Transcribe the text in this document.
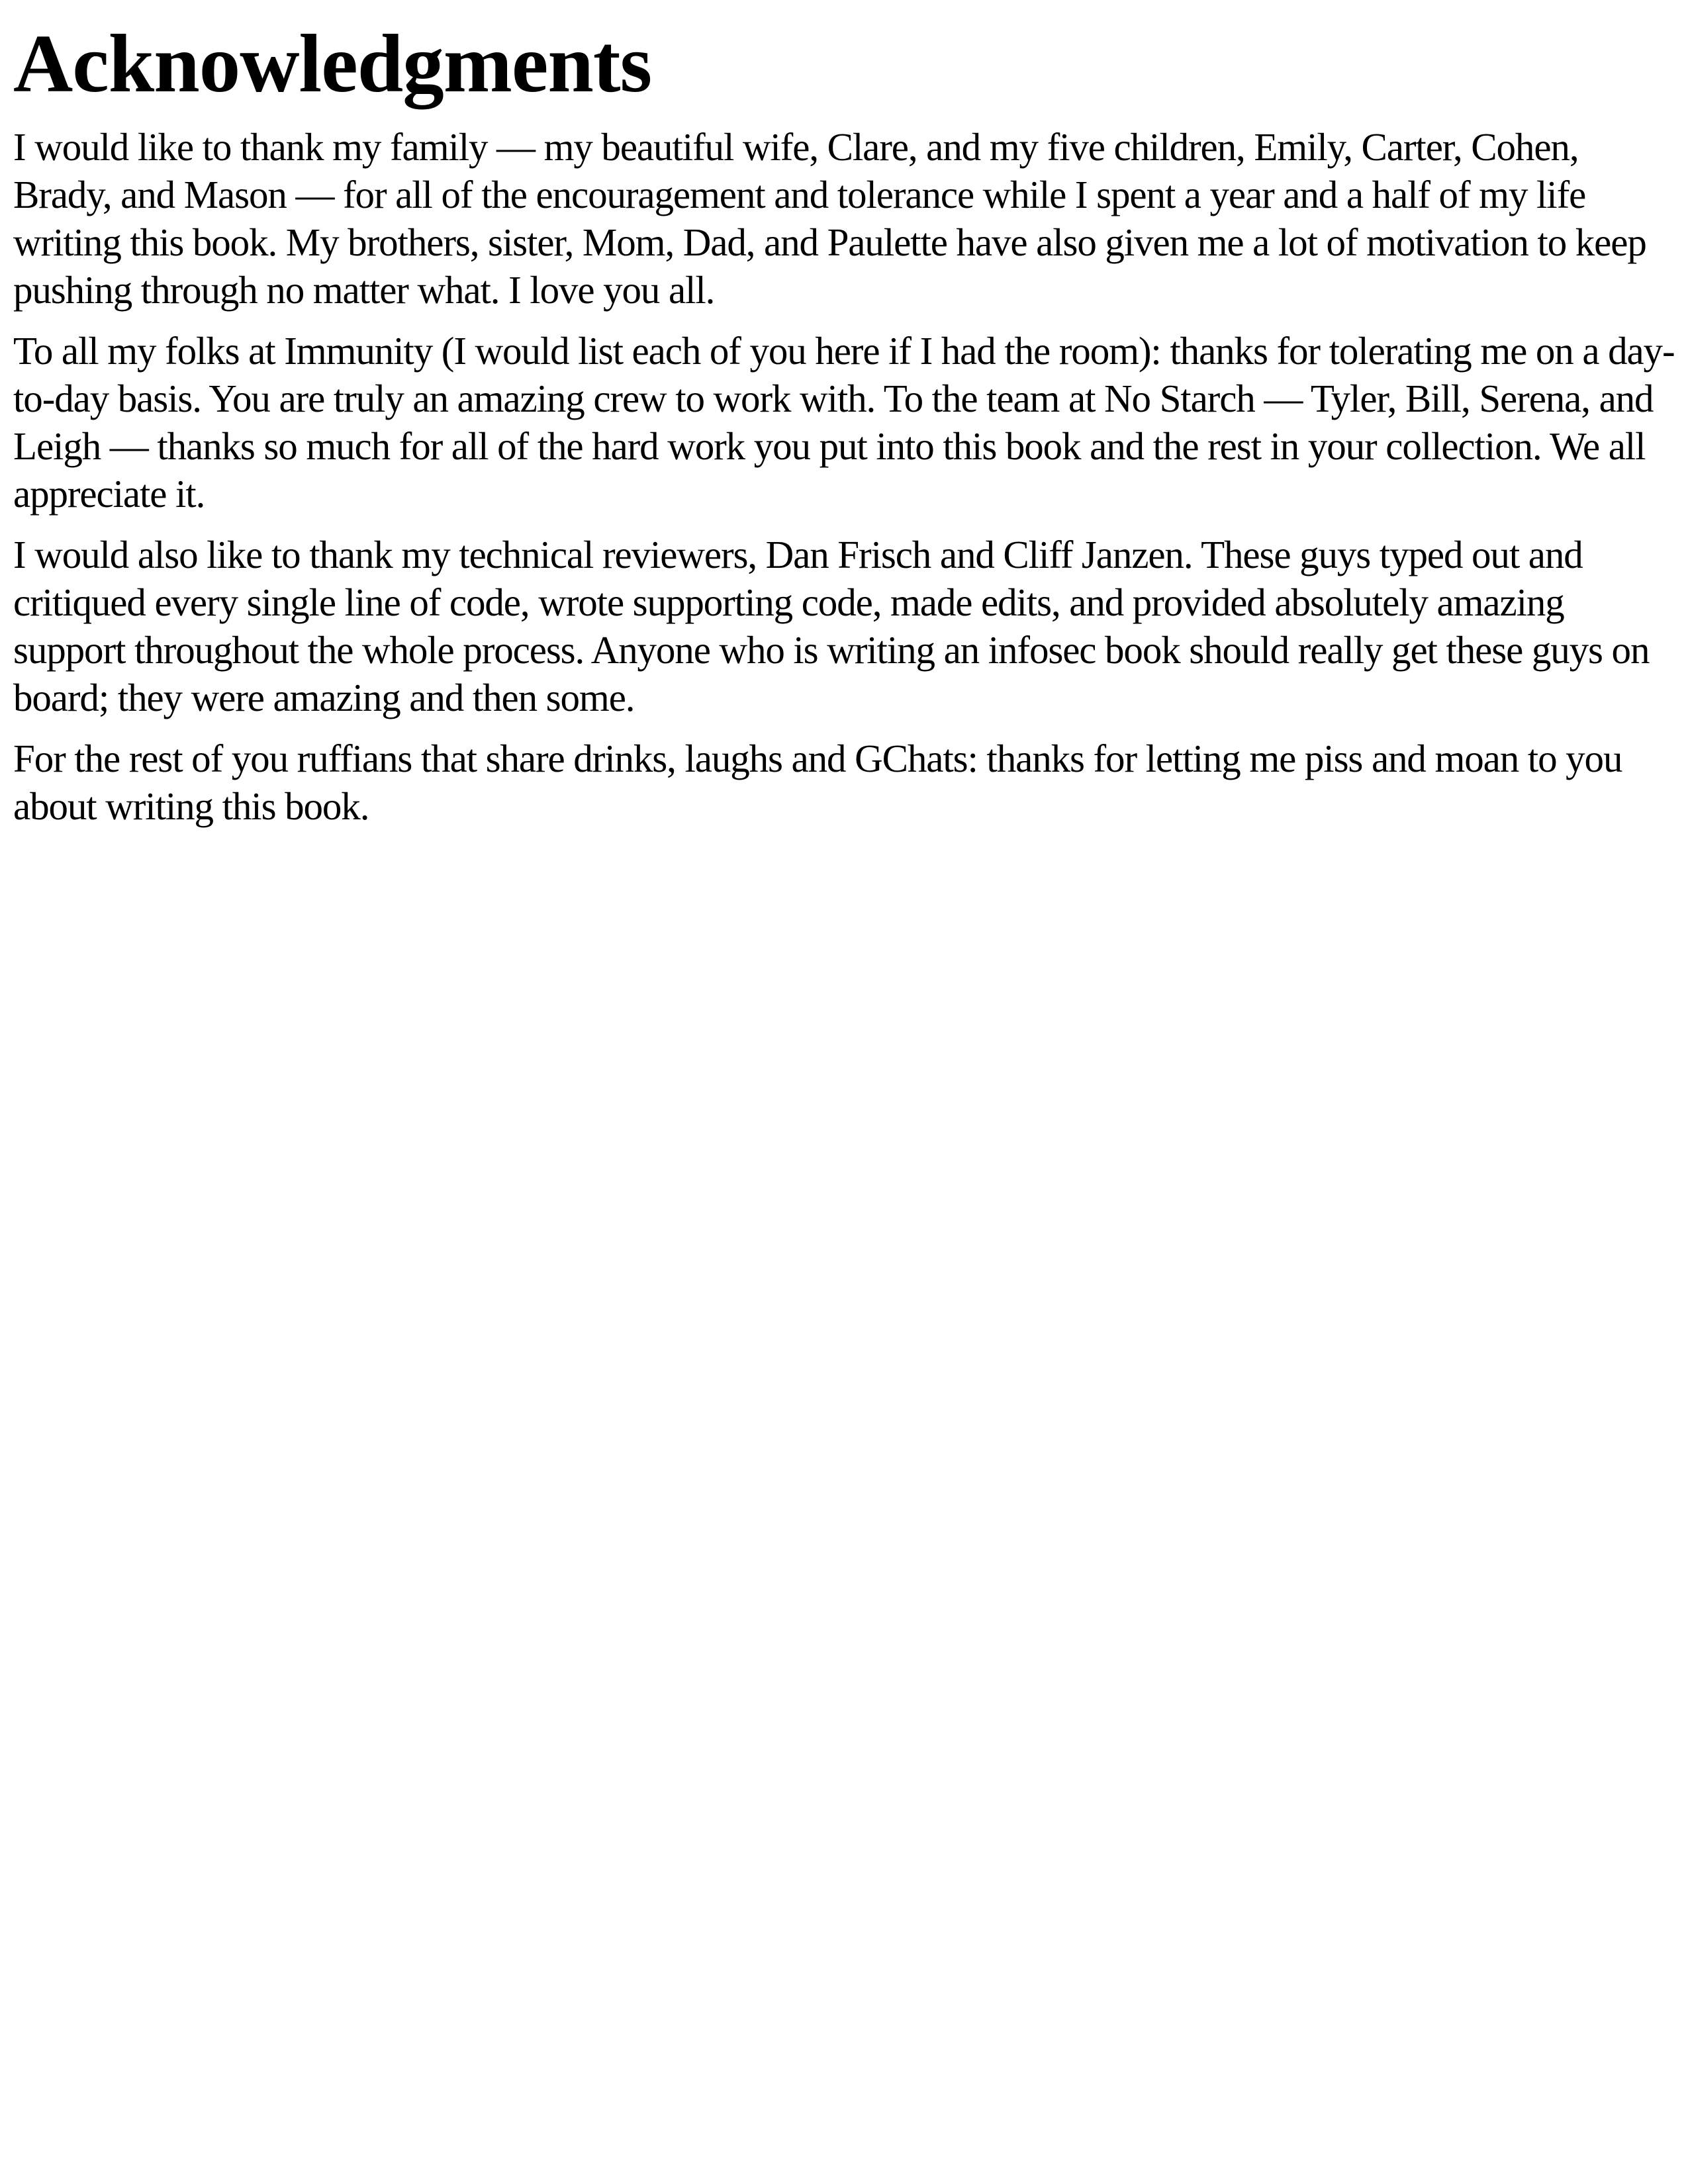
Acknowledgments

I would like to thank my family — my beautiful wife, Clare, and my five children, Emily, Carter, Cohen, Brady, and Mason — for all of the encouragement and tolerance while I spent a year and a half of my life writing this book. My brothers, sister, Mom, Dad, and Paulette have also given me a lot of motivation to keep pushing through no matter what. I love you all.

To all my folks at Immunity (I would list each of you here if I had the room): thanks for tolerating me on a day-to-day basis. You are truly an amazing crew to work with. To the team at No Starch — Tyler, Bill, Serena, and Leigh — thanks so much for all of the hard work you put into this book and the rest in your collection. We all appreciate it.

I would also like to thank my technical reviewers, Dan Frisch and Cliff Janzen. These guys typed out and critiqued every single line of code, wrote supporting code, made edits, and provided absolutely amazing support throughout the whole process. Anyone who is writing an infosec book should really get these guys on board; they were amazing and then some.

For the rest of you ruffians that share drinks, laughs and GChats: thanks for letting me piss and moan to you about writing this book.
